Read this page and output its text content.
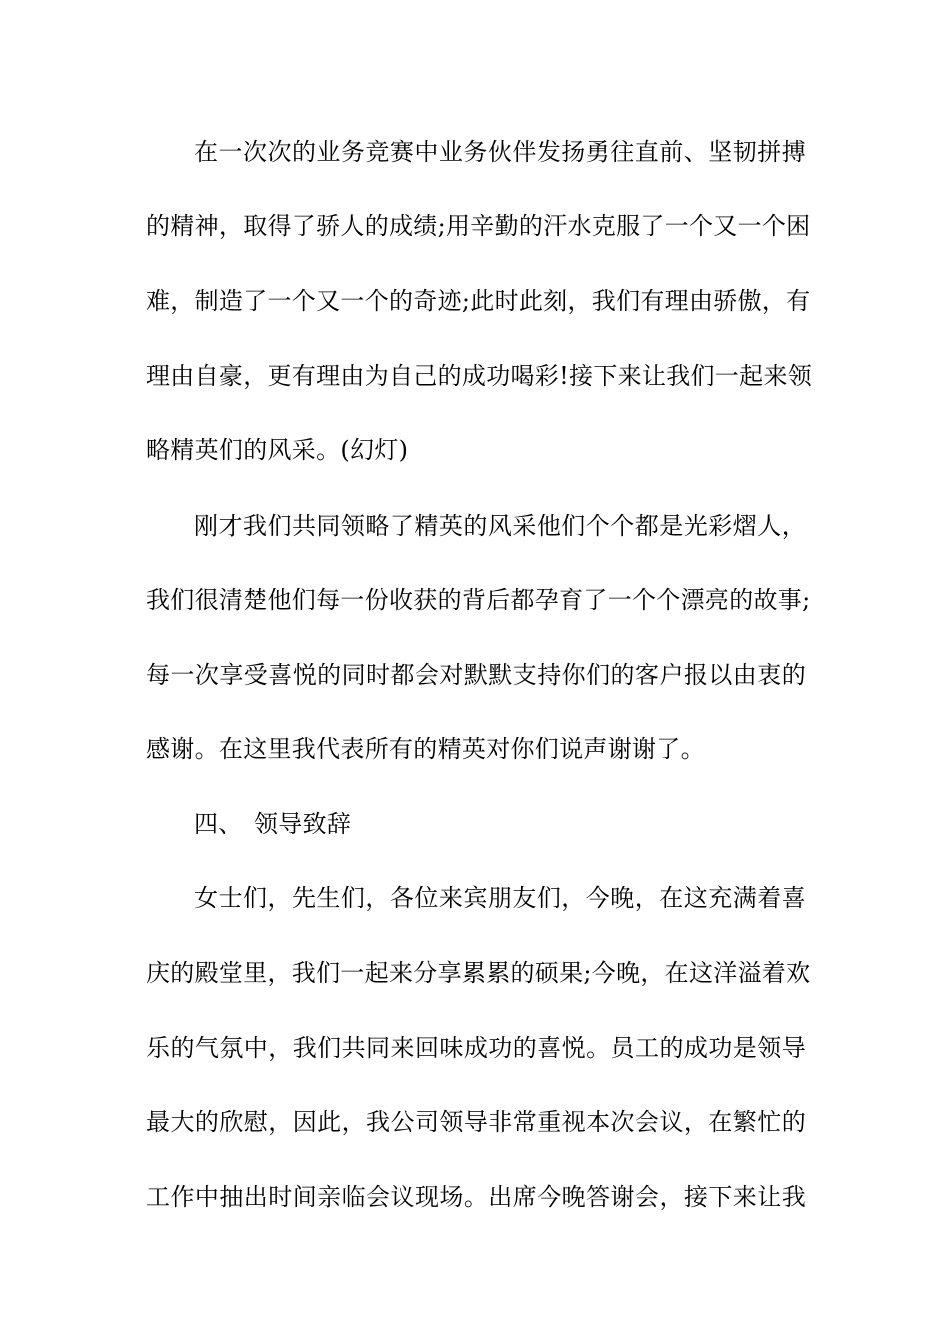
在一次次的业务竞赛中业务伙伴发扬勇往直前、坚韧拼搏
的精神，取得了骄人的成绩;用辛勤的汗水克服了一个又一个困
难，制造了一个又一个的奇迹;此时此刻，我们有理由骄傲，有
理由自豪，更有理由为自己的成功喝彩!接下来让我们一起来领
略精英们的风采。(幻灯)
刚才我们共同领略了精英的风采他们个个都是光彩熠人，
我们很清楚他们每一份收获的背后都孕育了一个个漂亮的故事;
每一次享受喜悦的同时都会对默默支持你们的客户报以由衷的
感谢。在这里我代表所有的精英对你们说声谢谢了。
四、 领导致辞
女士们，先生们，各位来宾朋友们，今晚，在这充满着喜
庆的殿堂里，我们一起来分享累累的硕果;今晚，在这洋溢着欢
乐的气氛中，我们共同来回味成功的喜悦。员工的成功是领导
最大的欣慰，因此，我公司领导非常重视本次会议，在繁忙的
工作中抽出时间亲临会议现场。出席今晚答谢会，接下来让我
